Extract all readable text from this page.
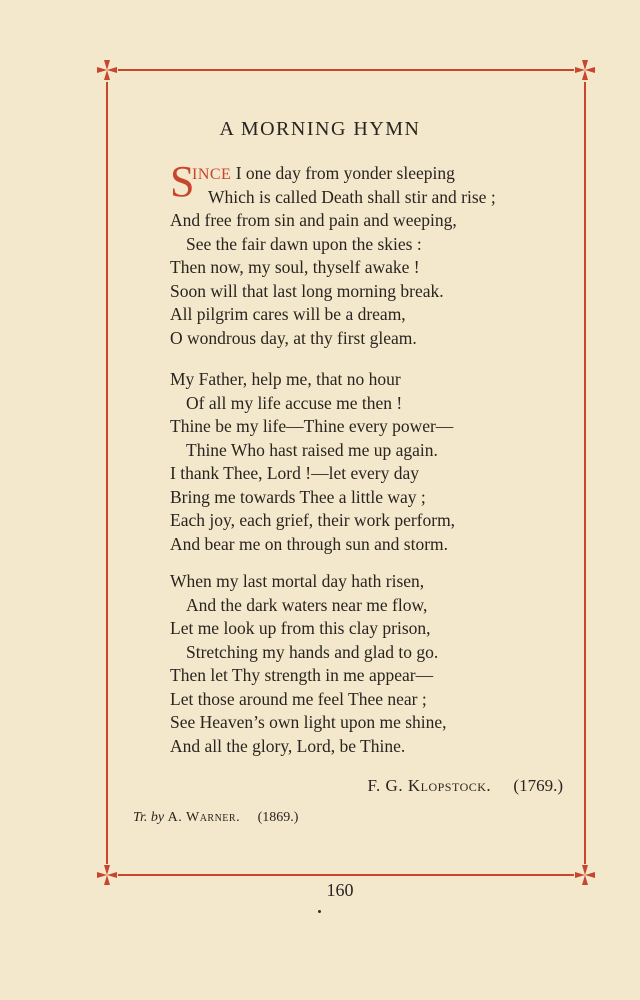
A MORNING HYMN
S
INCE I one day from yonder sleeping
Which is called Death shall stir and rise ;
And free from sin and pain and weeping,
See the fair dawn upon the skies :
Then now, my soul, thyself awake !
Soon will that last long morning break.
All pilgrim cares will be a dream,
O wondrous day, at thy first gleam.
My Father, help me, that no hour
Of all my life accuse me then !
Thine be my life—Thine every power—
Thine Who hast raised me up again.
I thank Thee, Lord !—let every day
Bring me towards Thee a little way ;
Each joy, each grief, their work perform,
And bear me on through sun and storm.
When my last mortal day hath risen,
And the dark waters near me flow,
Let me look up from this clay prison,
Stretching my hands and glad to go.
Then let Thy strength in me appear—
Let those around me feel Thee near ;
See Heaven’s own light upon me shine,
And all the glory, Lord, be Thine.
F. G. Klopstock. (1769.)
Tr. by A. Warner. (1869.)
160
